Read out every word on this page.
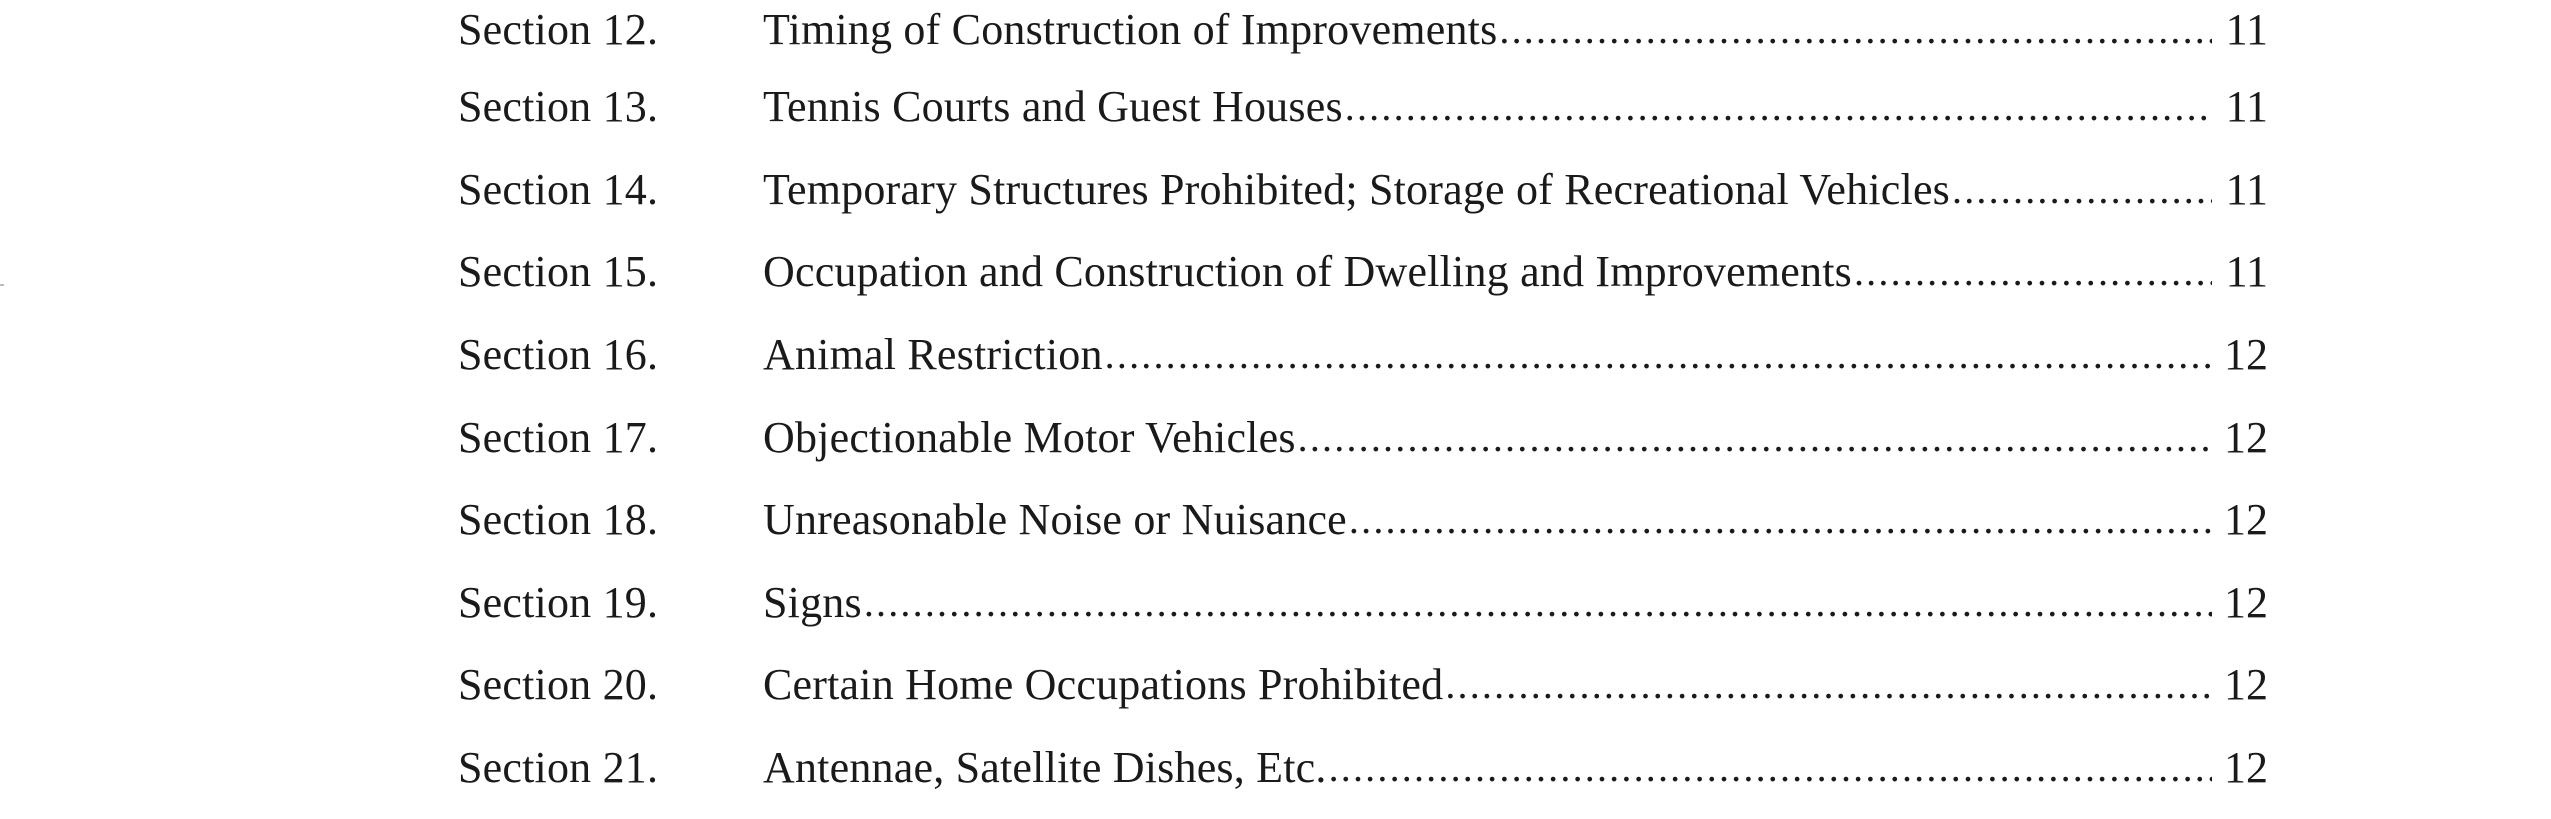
Section 12.	Timing of Construction of Improvements .....	11
Section 13.	Tennis Courts and Guest Houses .....	11
Section 14.	Temporary Structures Prohibited; Storage of Recreational Vehicles .....	11
Section 15.	Occupation and Construction of Dwelling and Improvements .....	11
Section 16.	Animal Restriction .....	12
Section 17.	Objectionable Motor Vehicles .....	12
Section 18.	Unreasonable Noise or Nuisance .....	12
Section 19.	Signs .....	12
Section 20.	Certain Home Occupations Prohibited .....	12
Section 21.	Antennae, Satellite Dishes, Etc. .....	12
